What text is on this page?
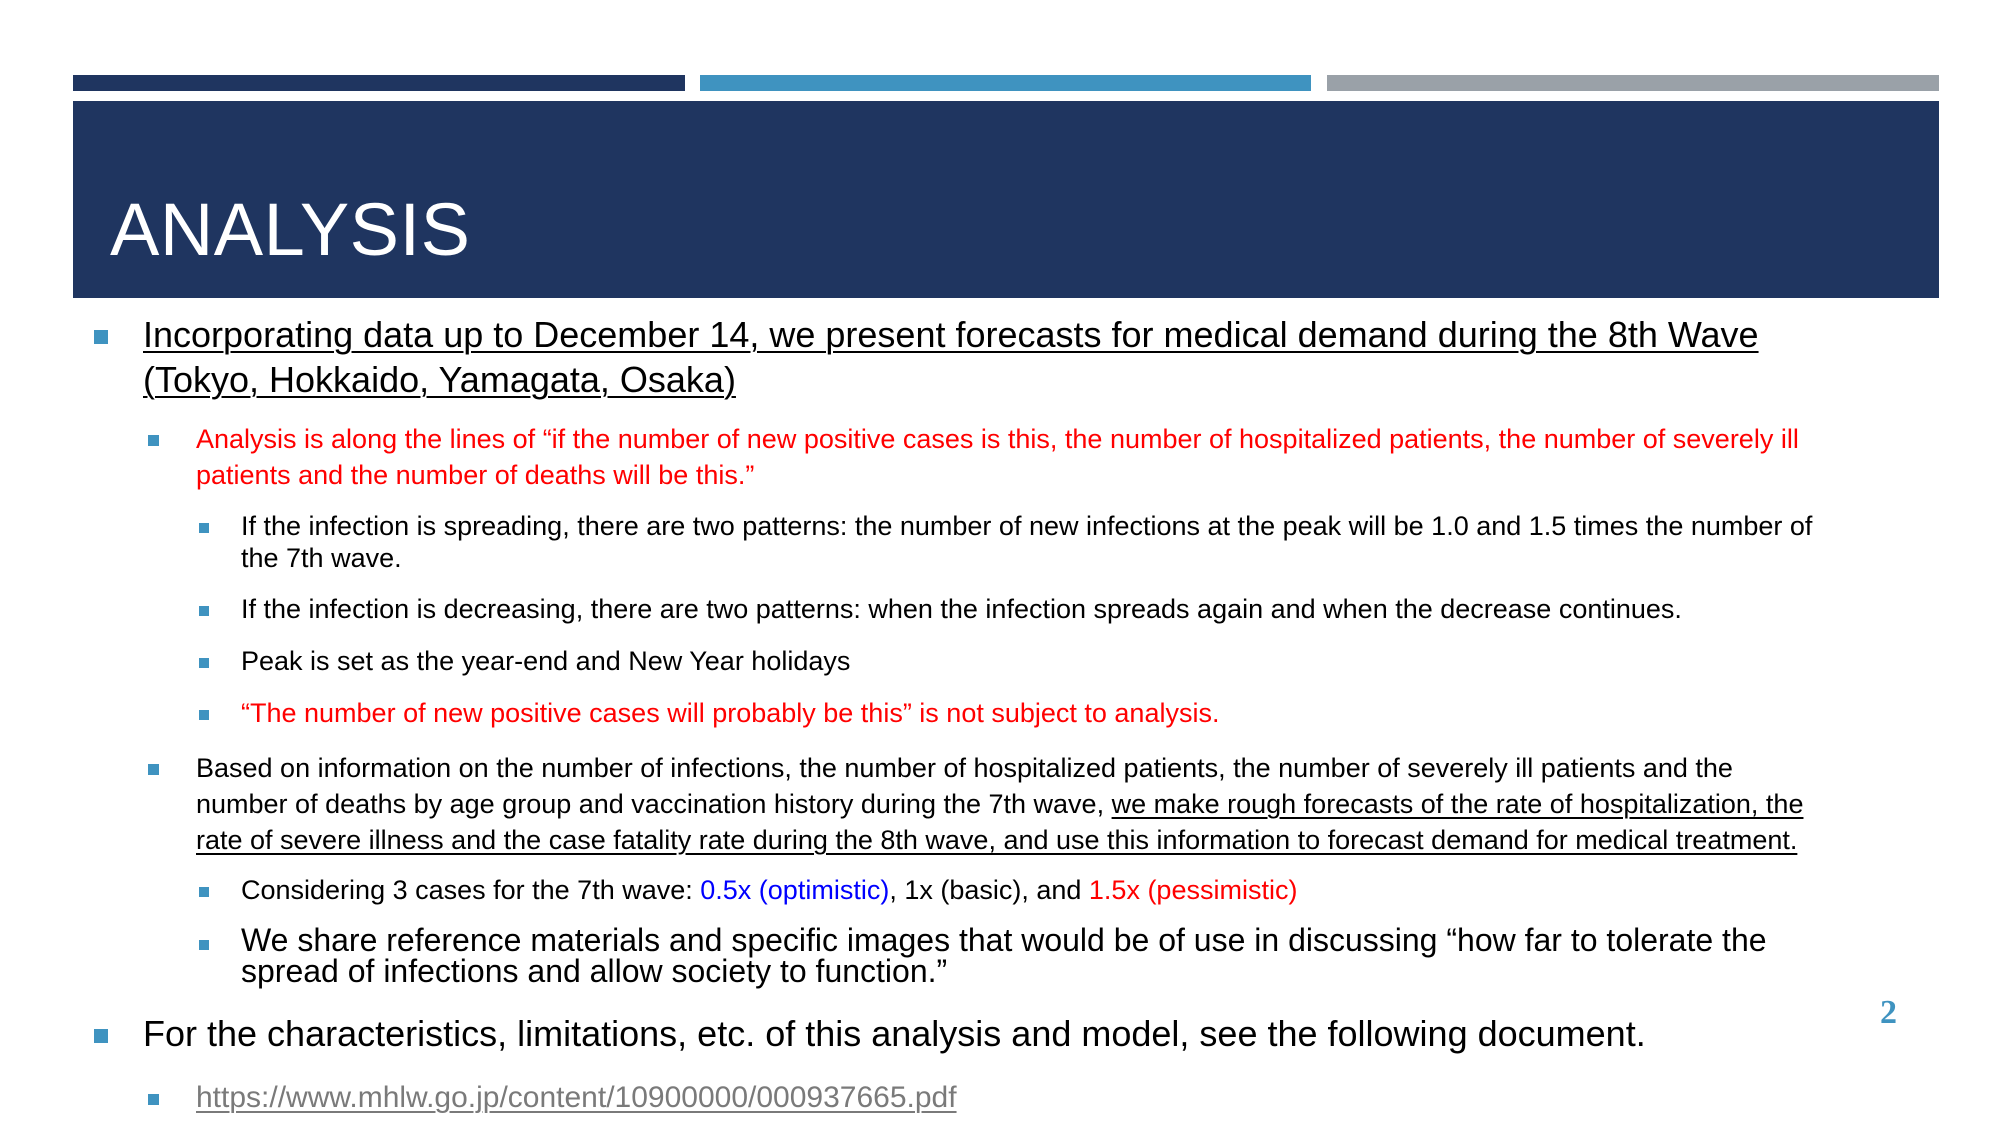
ANALYSIS
Incorporating data up to December 14, we present forecasts for medical demand during the 8th Wave
(Tokyo, Hokkaido, Yamagata, Osaka)
Analysis is along the lines of “if the number of new positive cases is this, the number of hospitalized patients, the number of severely ill
patients and the number of deaths will be this.”
If the infection is spreading, there are two patterns: the number of new infections at the peak will be 1.0 and 1.5 times the number of
the 7th wave.
If the infection is decreasing, there are two patterns: when the infection spreads again and when the decrease continues.
Peak is set as the year-end and New Year holidays
“The number of new positive cases will probably be this” is not subject to analysis.
Based on information on the number of infections, the number of hospitalized patients, the number of severely ill patients and the
number of deaths by age group and vaccination history during the 7th wave, we make rough forecasts of the rate of hospitalization, the
rate of severe illness and the case fatality rate during the 8th wave, and use this information to forecast demand for medical treatment.
Considering 3 cases for the 7th wave: 0.5x (optimistic), 1x (basic), and 1.5x (pessimistic)
We share reference materials and specific images that would be of use in discussing “how far to tolerate the
spread of infections and allow society to function.”
For the characteristics, limitations, etc. of this analysis and model, see the following document.
https://www.mhlw.go.jp/content/10900000/000937665.pdf
2
